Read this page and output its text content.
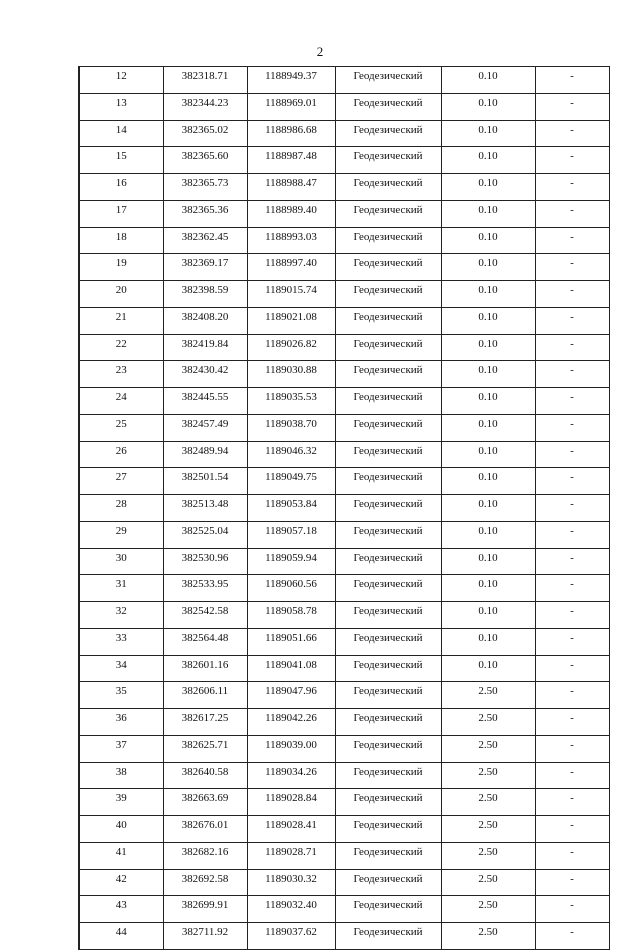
2
12	382318.71	1188949.37	Геодезический	0.10	-
13	382344.23	1188969.01	Геодезический	0.10	-
14	382365.02	1188986.68	Геодезический	0.10	-
15	382365.60	1188987.48	Геодезический	0.10	-
16	382365.73	1188988.47	Геодезический	0.10	-
17	382365.36	1188989.40	Геодезический	0.10	-
18	382362.45	1188993.03	Геодезический	0.10	-
19	382369.17	1188997.40	Геодезический	0.10	-
20	382398.59	1189015.74	Геодезический	0.10	-
21	382408.20	1189021.08	Геодезический	0.10	-
22	382419.84	1189026.82	Геодезический	0.10	-
23	382430.42	1189030.88	Геодезический	0.10	-
24	382445.55	1189035.53	Геодезический	0.10	-
25	382457.49	1189038.70	Геодезический	0.10	-
26	382489.94	1189046.32	Геодезический	0.10	-
27	382501.54	1189049.75	Геодезический	0.10	-
28	382513.48	1189053.84	Геодезический	0.10	-
29	382525.04	1189057.18	Геодезический	0.10	-
30	382530.96	1189059.94	Геодезический	0.10	-
31	382533.95	1189060.56	Геодезический	0.10	-
32	382542.58	1189058.78	Геодезический	0.10	-
33	382564.48	1189051.66	Геодезический	0.10	-
34	382601.16	1189041.08	Геодезический	0.10	-
35	382606.11	1189047.96	Геодезический	2.50	-
36	382617.25	1189042.26	Геодезический	2.50	-
37	382625.71	1189039.00	Геодезический	2.50	-
38	382640.58	1189034.26	Геодезический	2.50	-
39	382663.69	1189028.84	Геодезический	2.50	-
40	382676.01	1189028.41	Геодезический	2.50	-
41	382682.16	1189028.71	Геодезический	2.50	-
42	382692.58	1189030.32	Геодезический	2.50	-
43	382699.91	1189032.40	Геодезический	2.50	-
44	382711.92	1189037.62	Геодезический	2.50	-
